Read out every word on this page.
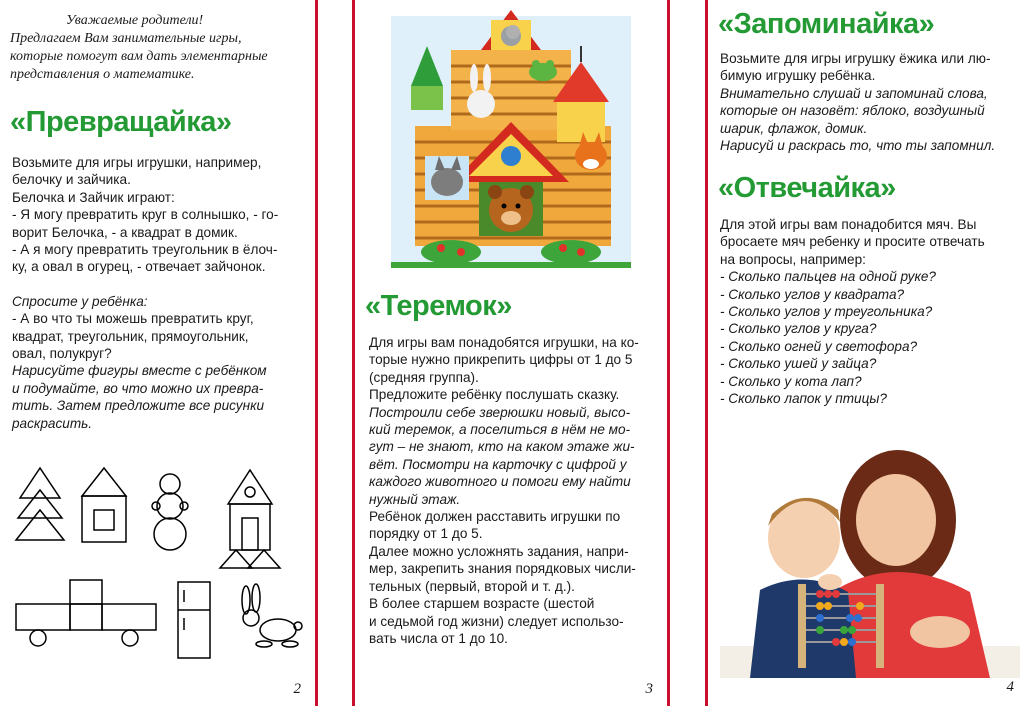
Уважаемые родители!
Предлагаем Вам занимательные игры,
которые помогут вам дать элементарные
представления о математике.
«Превращайка»

Возьмите для игры игрушки, например,

белочку и зайчика.

Белочка и Зайчик играют:

- Я могу превратить круг в солнышко, - го-

ворит Белочка, - а квадрат в домик.

- А я могу превратить треугольник в ёлоч-

ку, а овал в огурец, - отвечает зайчонок.

Спросите у ребёнка:

- А во что ты можешь превратить круг,

квадрат, треугольник, прямоугольник,

овал, полукруг?

Нарисуйте фигуры вместе с ребёнком

и подумайте, во что можно их превра-

тить. Затем предложите все рисунки

раскрасить.

2
«Теремок»

Для игры вам понадобятся игрушки, на ко-

торые нужно прикрепить цифры от 1 до 5

(средняя группа).

Предложите ребёнку послушать сказку.

Построили себе зверюшки новый, высо-

кий теремок, а поселиться в нём не мо-

гут – не знают, кто на каком этаже жи-

вёт. Посмотри на карточку с цифрой у

каждого животного и помоги ему найти

нужный этаж.

Ребёнок должен расставить игрушки по

порядку от 1 до 5.

Далее можно усложнять задания, напри-

мер, закрепить знания порядковых числи-

тельных (первый, второй и т. д.).

В более старшем возрасте (шестой

и седьмой год жизни) следует использо-

вать числа от 1 до 10.

3
«Запоминайка»

Возьмите для игры игрушку ёжика или лю-

бимую игрушку ребёнка.

Внимательно слушай и запоминай слова,

которые он назовёт: яблоко, воздушный

шарик, флажок, домик.

Нарисуй и раскрась то, что ты запомнил.

«Отвечайка»

Для этой игры вам понадобится мяч. Вы

бросаете мяч ребенку и просите отвечать

на вопросы, например:

- Сколько пальцев на одной руке?

- Сколько углов у квадрата?

- Сколько углов у треугольника?

- Сколько углов у круга?

- Сколько огней у светофора?

- Сколько ушей у зайца?

- Сколько у кота лап?

- Сколько лапок у птицы?

4
